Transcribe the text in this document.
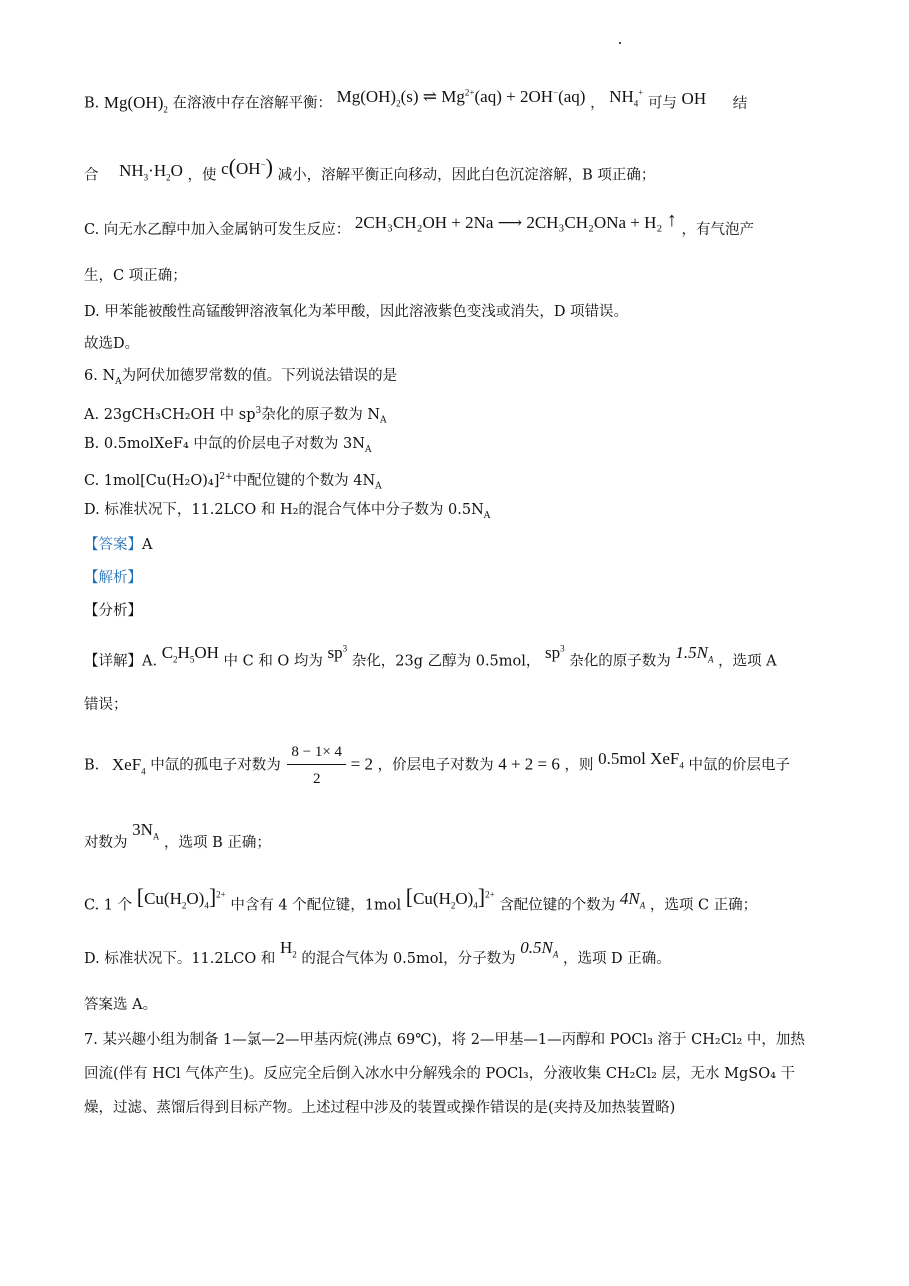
B. $Mg(OH)_2$ 在溶液中存在溶解平衡： $Mg(OH)_2(s)$ ⇌ $Mg^{2+}(aq) + 2OH^-(aq)$ ， $NH_4^+$ 可与 OH 结
合 $NH_3\cdot H_2O$ ，使 c(OH−) 减小，溶解平衡正向移动，因此白色沉淀溶解，B 项正确；
C. 向无水乙醇中加入金属钠可发生反应： 2CH₃CH₂OH + 2Na ⟶ 2CH₃CH₂ONa + H₂ ↑ ，有气泡产
生，C 项正确；
D. 甲苯能被酸性高锰酸钾溶液氧化为苯甲酸，因此溶液紫色变浅或消失，D 项错误。
故选D。
6. $N_A$为阿伏加德罗常数的值。下列说法错误的是
A. 23gCH₃CH₂OH 中 $sp^3$杂化的原子数为 $N_A$
B. 0.5molXeF₄ 中氙的价层电子对数为 $3N_A$
C. $1mol[Cu(H_2O)_4]^{2+}$中配位键的个数为 $4N_A$
D. 标准状况下，11.2LCO 和 H₂的混合气体中分子数为 $0.5N_A$
【答案】A
【解析】
【分析】
【详解】A. $C_2H_5OH$ 中 C 和 O 均为 $sp^3$ 杂化，23g 乙醇为 0.5mol， $sp^3$ 杂化的原子数为 $1.5N_A$ ，选项 A
错误；
B. XeF$_4$ 中氙的孤电子对数为 $\frac{8 - 1\times 4}{2} = 2$ ，价层电子对数为 4 + 2 = 6 ，则 0.5mol XeF$_4$ 中氙的价层电子
对数为 $3N_A$ ，选项 B 正确；
C. 1 个 $[Cu(H_2O)_4]^{2+}$ 中含有 4 个配位键，1mol $[Cu(H_2O)_4]^{2+}$ 含配位键的个数为 $4N_A$ ，选项 C 正确；
D. 标准状况下。11.2LCO 和 $H_2$ 的混合气体为 0.5mol，分子数为 $0.5N_A$ ，选项 D 正确。
答案选 A。
7. 某兴趣小组为制备 1—氯—2—甲基丙烷(沸点 69℃)，将 2—甲基—1—丙醇和 POCl₃ 溶于 CH₂Cl₂ 中，加热
回流(伴有 HCl 气体产生)。反应完全后倒入冰水中分解残余的 POCl₃，分液收集 CH₂Cl₂ 层，无水 MgSO₄ 干
燥，过滤、蒸馏后得到目标产物。上述过程中涉及的装置或操作错误的是(夹持及加热装置略)
